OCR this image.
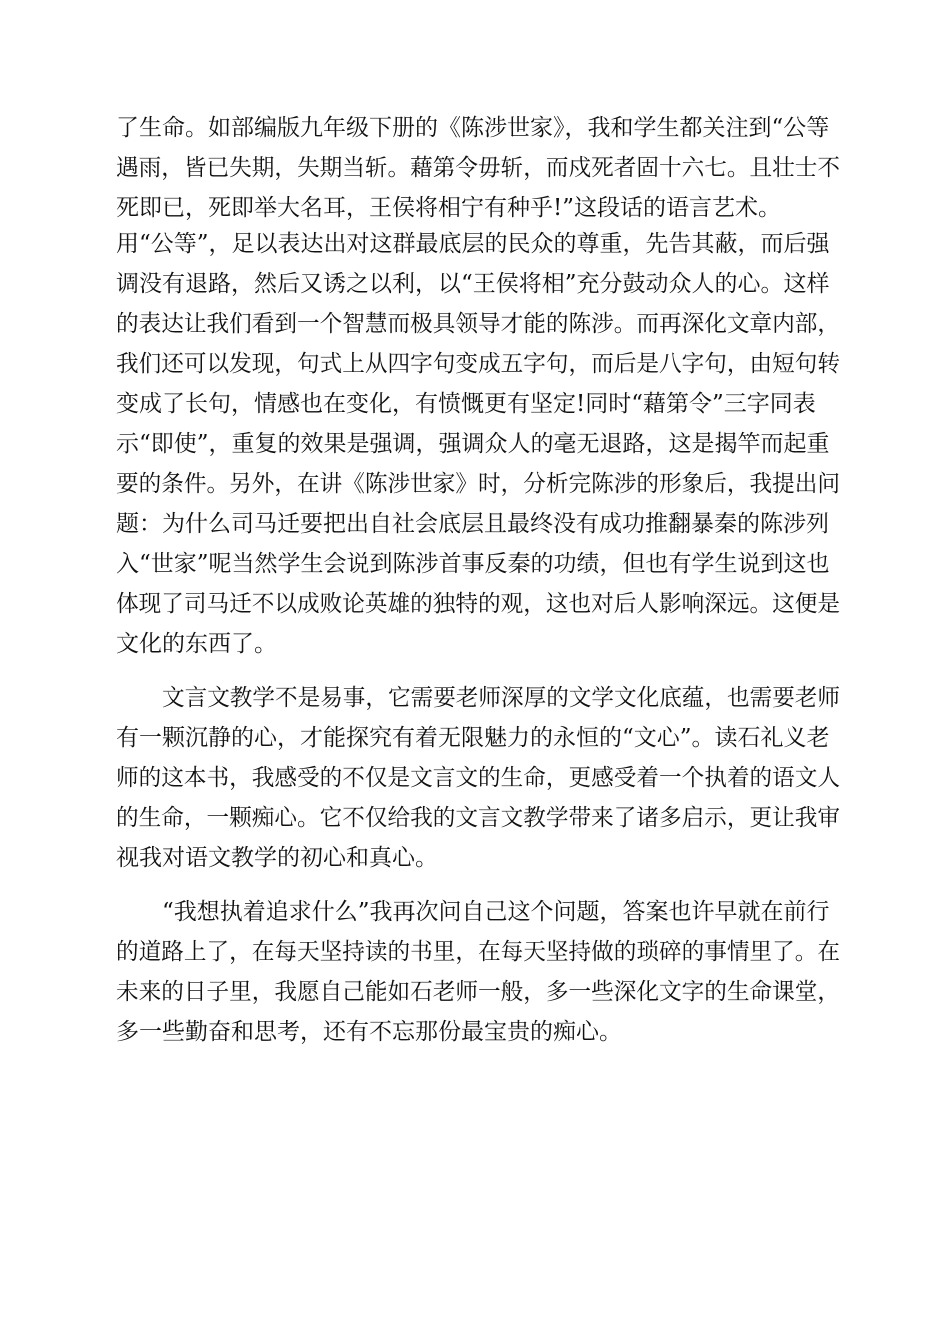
了生命。如部编版九年级下册的《陈涉世家》，我和学生都关注到“公等
遇雨，皆已失期，失期当斩。藉第令毋斩，而戍死者固十六七。且壮士不
死即已，死即举大名耳，王侯将相宁有种乎!”这段话的语言艺术。
用“公等”，足以表达出对这群最底层的民众的尊重，先告其蔽，而后强
调没有退路，然后又诱之以利，以“王侯将相”充分鼓动众人的心。这样
的表达让我们看到一个智慧而极具领导才能的陈涉。而再深化文章内部，
我们还可以发现，句式上从四字句变成五字句，而后是八字句，由短句转
变成了长句，情感也在变化，有愤慨更有坚定!同时“藉第令”三字同表
示“即使”，重复的效果是强调，强调众人的毫无退路，这是揭竿而起重
要的条件。另外，在讲《陈涉世家》时，分析完陈涉的形象后，我提出问
题：为什么司马迁要把出自社会底层且最终没有成功推翻暴秦的陈涉列
入“世家”呢当然学生会说到陈涉首事反秦的功绩，但也有学生说到这也
体现了司马迁不以成败论英雄的独特的观，这也对后人影响深远。这便是
文化的东西了。
文言文教学不是易事，它需要老师深厚的文学文化底蕴，也需要老师
有一颗沉静的心，才能探究有着无限魅力的永恒的“文心”。读石礼义老
师的这本书，我感受的不仅是文言文的生命，更感受着一个执着的语文人
的生命，一颗痴心。它不仅给我的文言文教学带来了诸多启示，更让我审
视我对语文教学的初心和真心。
“我想执着追求什么”我再次问自己这个问题，答案也许早就在前行
的道路上了，在每天坚持读的书里，在每天坚持做的琐碎的事情里了。在
未来的日子里，我愿自己能如石老师一般，多一些深化文字的生命课堂，
多一些勤奋和思考，还有不忘那份最宝贵的痴心。
